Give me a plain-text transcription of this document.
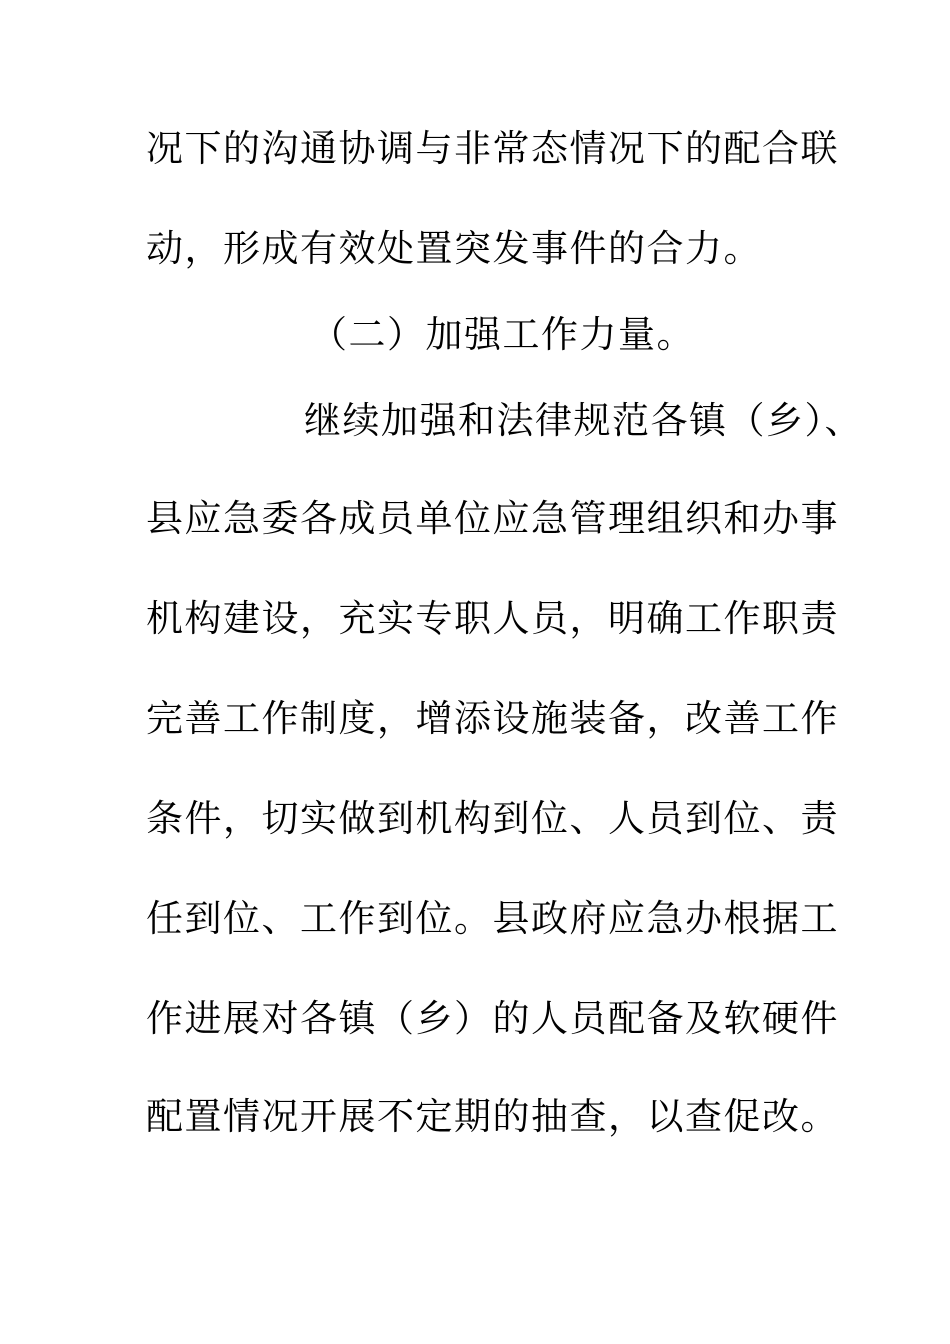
况下的沟通协调与非常态情况下的配合联
动，形成有效处置突发事件的合力。
（二）加强工作力量。
继续加强和法律规范各镇（乡）、
县应急委各成员单位应急管理组织和办事
机构建设，充实专职人员，明确工作职责
完善工作制度，增添设施装备，改善工作
条件，切实做到机构到位、人员到位、责
任到位、工作到位。县政府应急办根据工
作进展对各镇（乡）的人员配备及软硬件
配置情况开展不定期的抽查，以查促改。
